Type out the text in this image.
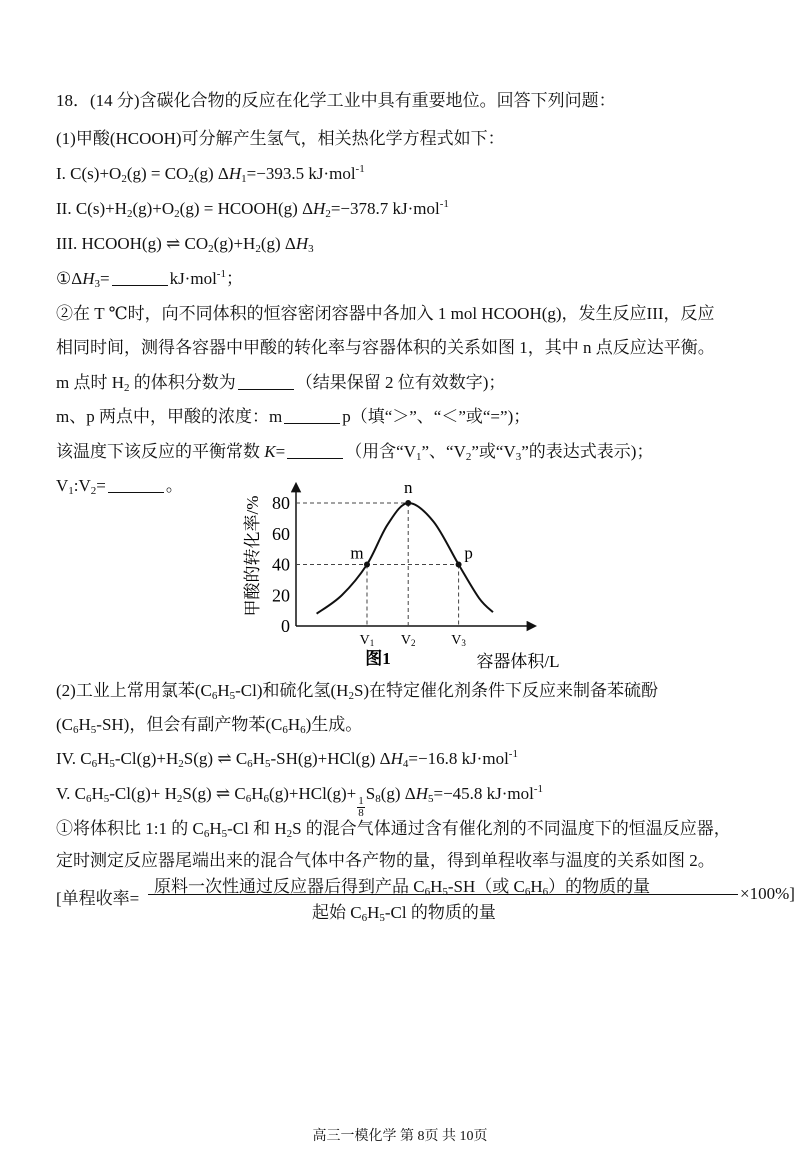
18．(14 分)含碳化合物的反应在化学工业中具有重要地位。回答下列问题：
(1)甲酸(HCOOH)可分解产生氢气，相关热化学方程式如下：
I. $C(s)+O_2(g) = CO_2(g)$ $\Delta H_1=-393.5$ kJ·mol$^{-1}$
II. $C(s)+H_2(g)+O_2(g)$ = HCOOH(g) $\Delta H_2=-378.7$ kJ·mol$^{-1}$
III. HCOOH(g) ⇌ $CO_2(g)+H_2(g)$ $\Delta H_3$
$①\Delta H_3=$	kJ·mol$^{-1}$；
②在 T ℃时，向不同体积的恒容密闭容器中各加入 1 mol HCOOH(g)，发生反应III，反应
相同时间，测得各容器中甲酸的转化率与容器体积的关系如图 1，其中 n 点反应达平衡。
m 点时 $H_2$ 的体积分数为	（结果保留 2 位有效数字)；
m、p 两点中，甲酸的浓度：m	p（填“＞”、“＜”或“=”)；
该温度下该反应的平衡常数 K=	（用含“$V_1$”、“$V_2$”或“$V_3$”的表达式表示)；
$V_1:V_2=$	。
(2)工业上常用氯苯$(C_6H_5-Cl)$和硫化氢$(H_2S)$在特定催化剂条件下反应来制备苯硫酚
$(C_6H_5-SH)$，但会有副产物苯$(C_6H_6)$生成。
IV. $C_6H_5-Cl(g)+H_2S(g)$ ⇌ $C_6H_5-SH(g)+HCl(g)$ $\Delta H_4=-16.8$ kJ·mol$^{-1}$
V. $C_6H_5-Cl(g)+ H_2S(g)$ ⇌ $C_6H_6(g)+HCl(g)+$
$\frac{1}{8}$
$S_8(g)$ $\Delta H_5=-45.8$ kJ·mol$^{-1}$
①将体积比 1:1 的 $C_6H_5-Cl$ 和 $H_2S$ 的混合气体通过含有催化剂的不同温度下的恒温反应器，
定时测定反应器尾端出来的混合气体中各产物的量，得到单程收率与温度的关系如图 2。
[单程收率=
原料一次性通过反应器后得到产品 $C_6H_5-SH$（或 $C_6H_6$）的物质的量
起始 $C_6H_5-Cl$ 的物质的量
×100%]
0
20
40
60
80
V1 V2	V3
m
n
p
图1	容器体积/L
甲酸的转化率/%
高三一模化学 第 8页 共 10页
